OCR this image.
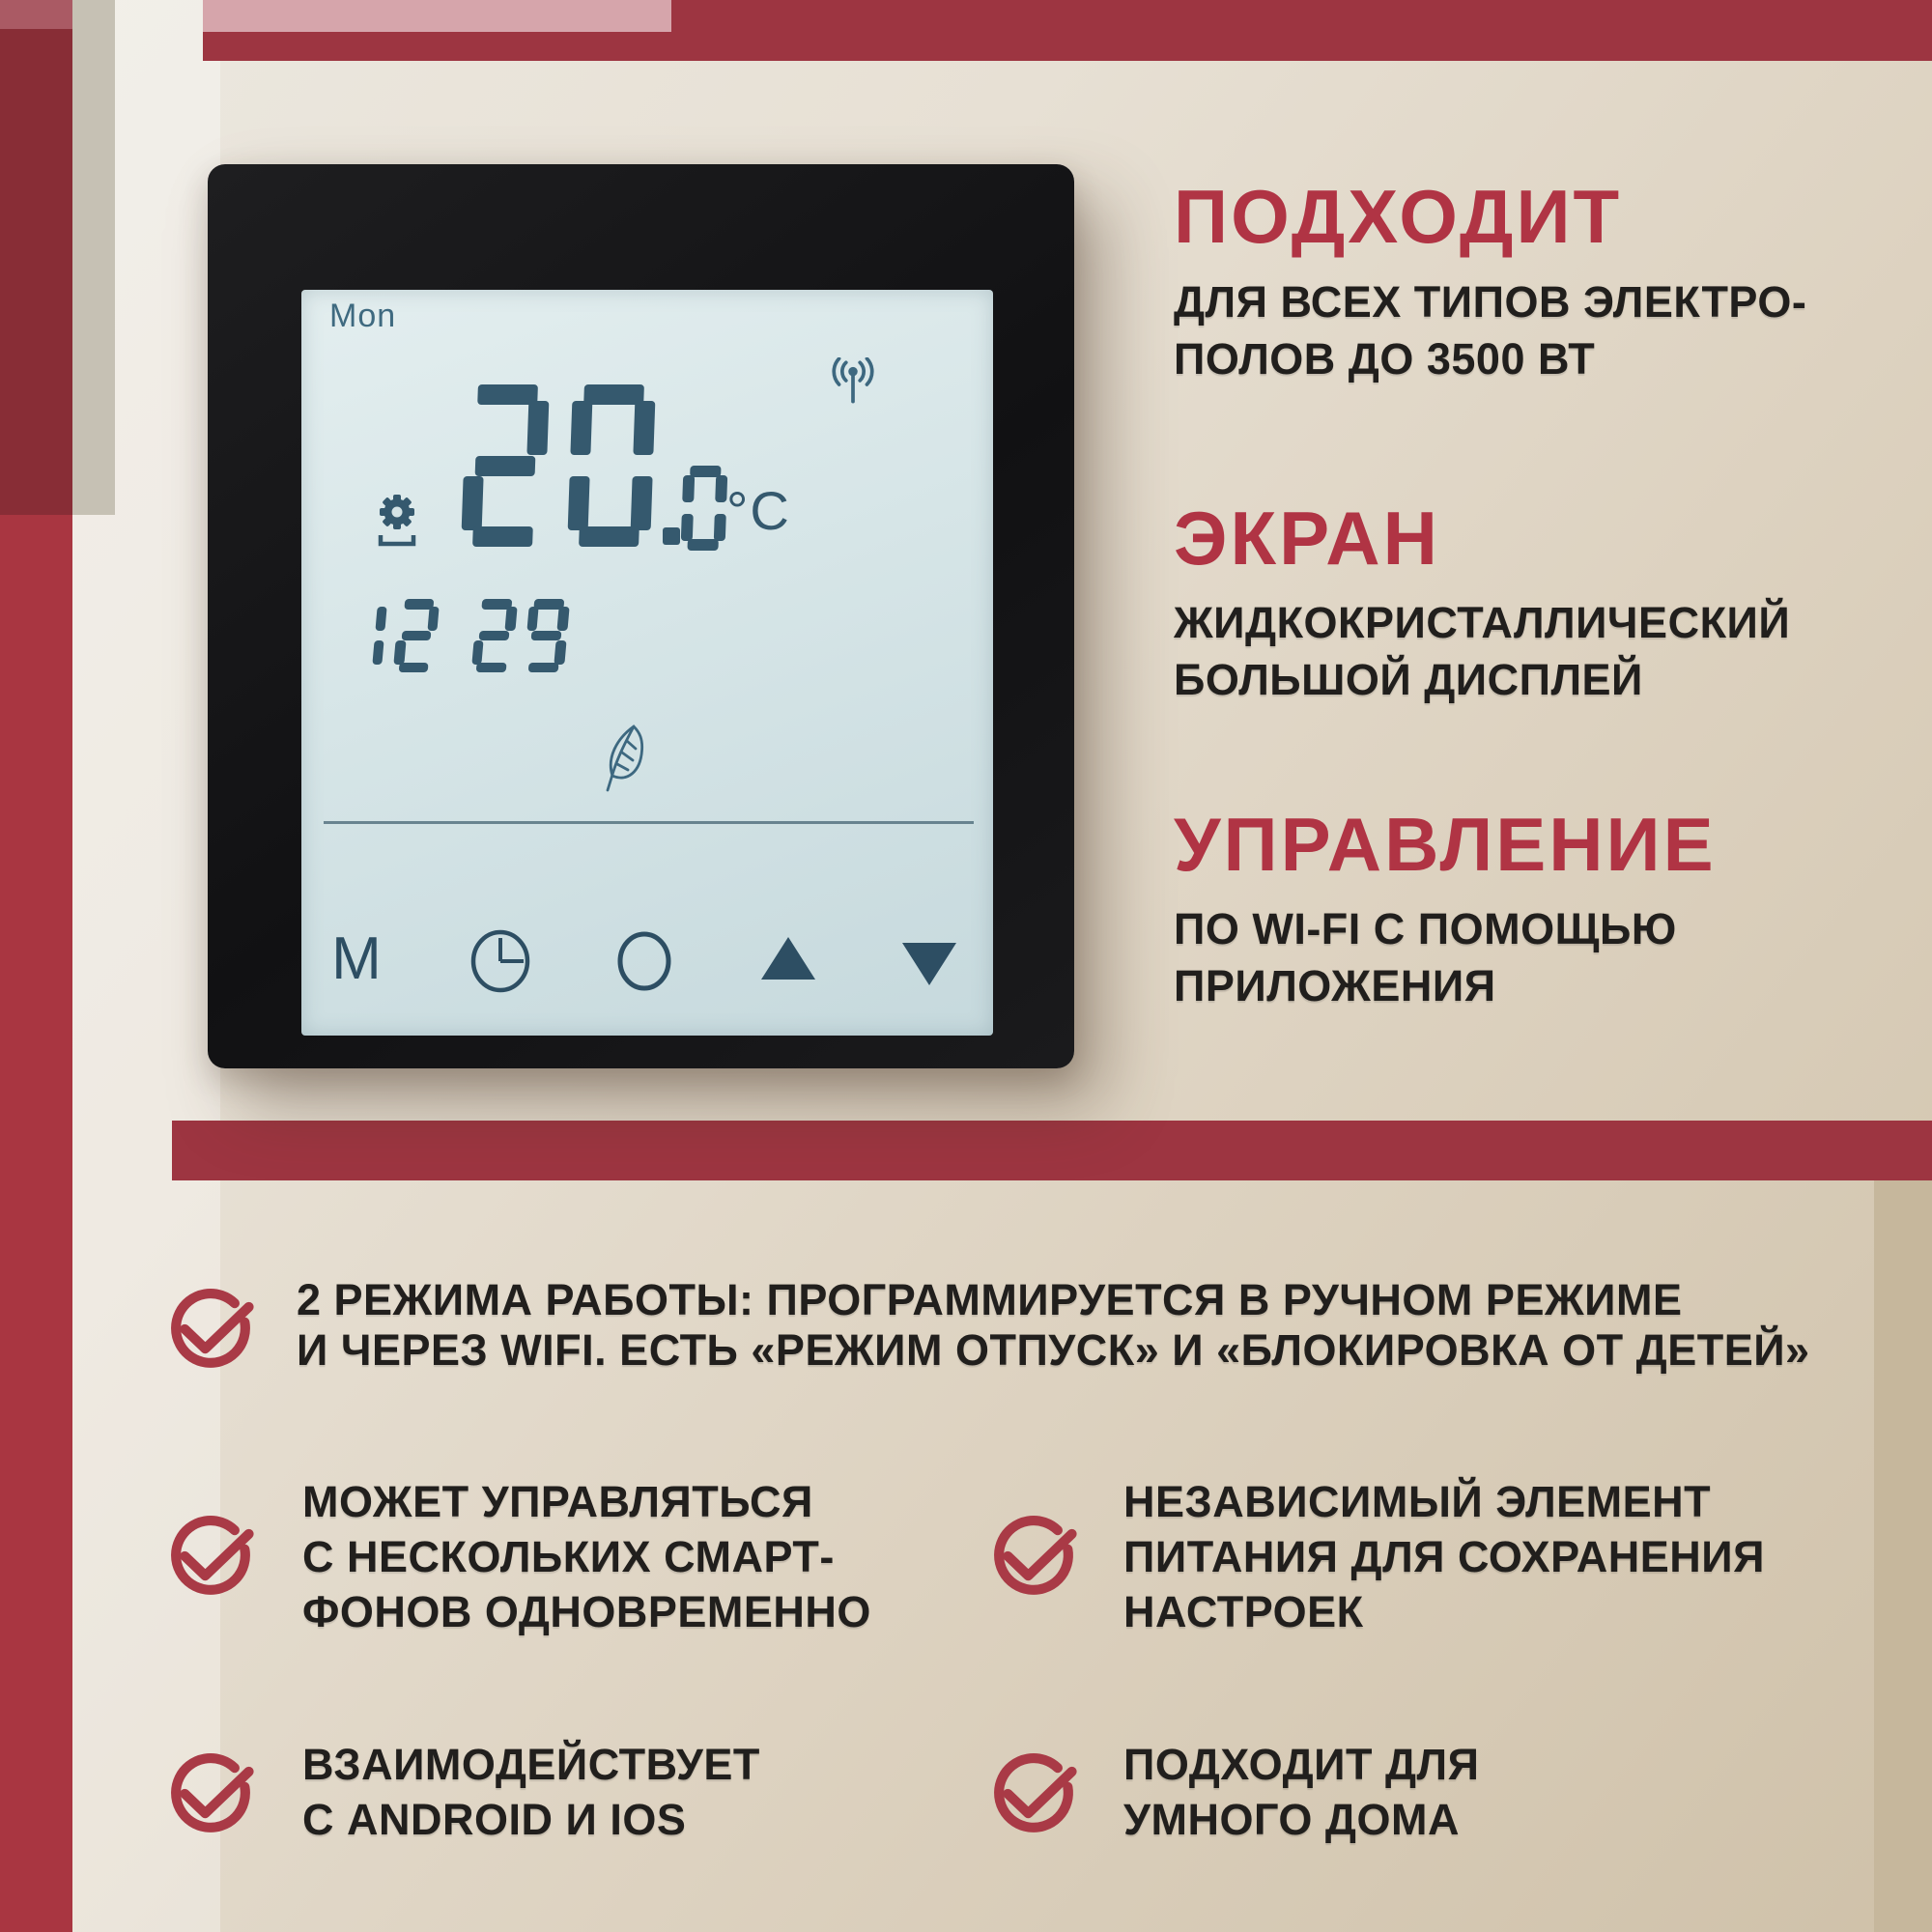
Mon
°C
M
ПОДХОДИТ
ДЛЯ ВСЕХ ТИПОВ ЭЛЕКТРО-
ПОЛОВ ДО 3500 ВТ
ЭКРАН
ЖИДКОКРИСТАЛЛИЧЕСКИЙ
БОЛЬШОЙ ДИСПЛЕЙ
УПРАВЛЕНИЕ
ПО WI-FI С ПОМОЩЬЮ
ПРИЛОЖЕНИЯ
2 РЕЖИМА РАБОТЫ: ПРОГРАММИРУЕТСЯ В РУЧНОМ РЕЖИМЕ
И ЧЕРЕЗ WIFI. ЕСТЬ «РЕЖИМ ОТПУСК» И «БЛОКИРОВКА ОТ ДЕТЕЙ»
МОЖЕТ УПРАВЛЯТЬСЯ
С НЕСКОЛЬКИХ СМАРТ-
ФОНОВ ОДНОВРЕМЕННО
НЕЗАВИСИМЫЙ ЭЛЕМЕНТ
ПИТАНИЯ ДЛЯ СОХРАНЕНИЯ
НАСТРОЕК
ВЗАИМОДЕЙСТВУЕТ
С ANDROID И IOS
ПОДХОДИТ ДЛЯ
УМНОГО ДОМА
